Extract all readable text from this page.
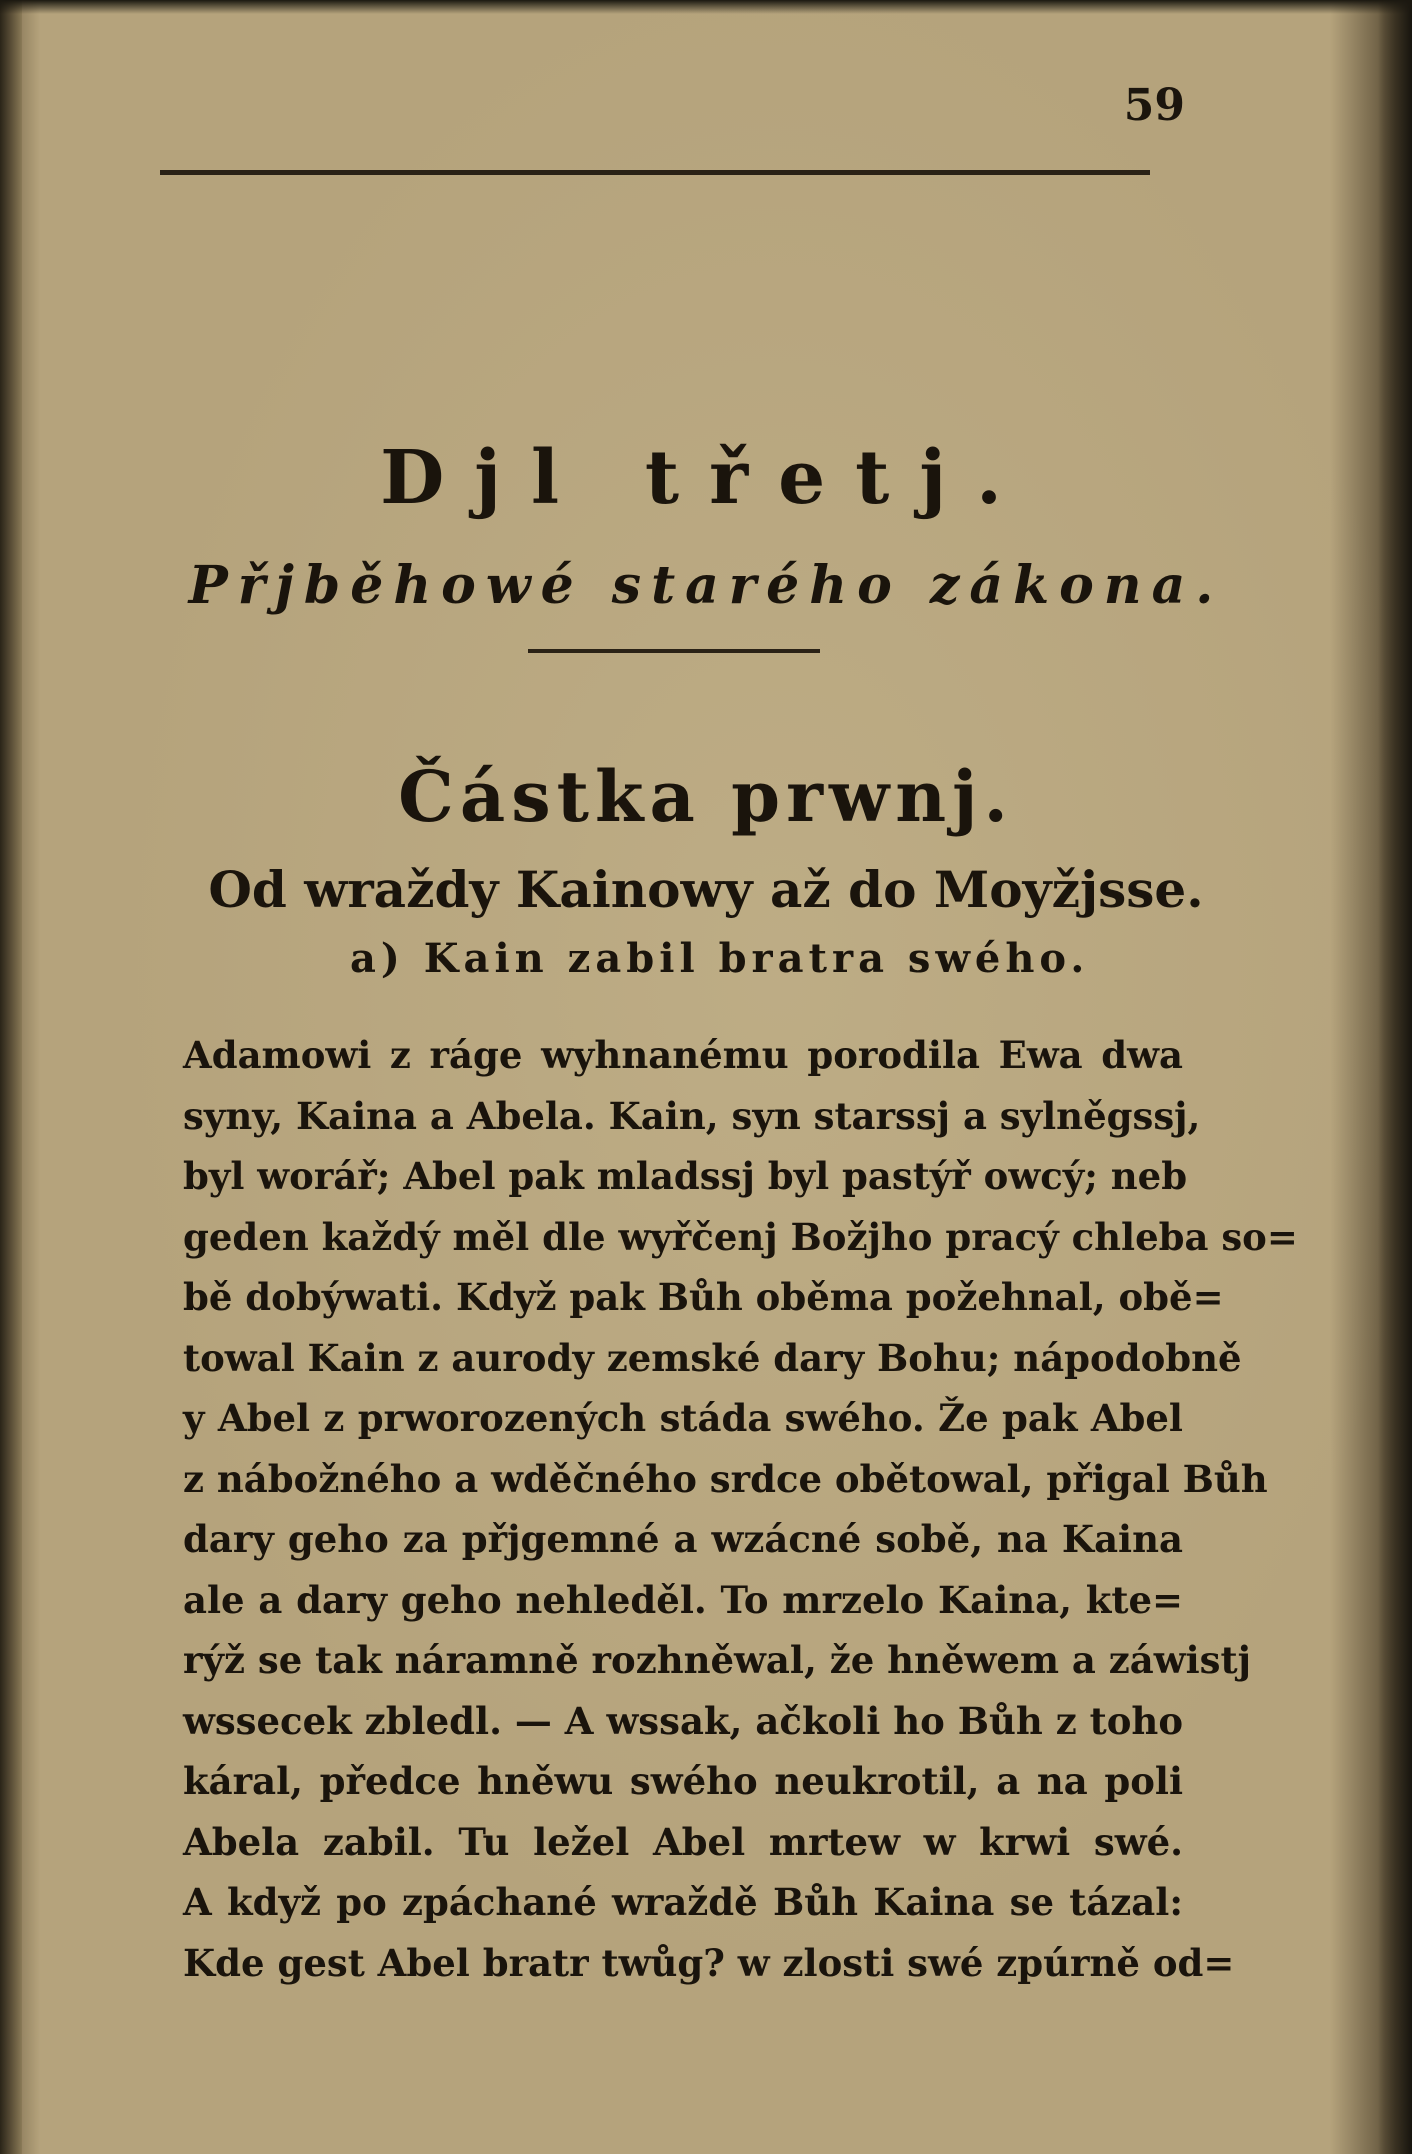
59
Djl třetj.
Přjběhowé starého zákona.
Částka prwnj.
Od wraždy Kainowy až do Moyžjsse.
a) Kain zabil bratra swého.
Adamowi z ráge wyhnanému porodila Ewa dwa
syny, Kaina a Abela. Kain, syn starssj a sylněgssj,
byl worář; Abel pak mladssj byl pastýř owcý; neb
geden každý měl dle wyřčenj Božjho pracý chleba so=
bě dobýwati. Když pak Bůh oběma požehnal, obě=
towal Kain z aurody zemské dary Bohu; nápodobně
y Abel z prworozených stáda swého. Že pak Abel
z nábožného a wděčného srdce obětowal, přigal Bůh
dary geho za přjgemné a wzácné sobě, na Kaina
ale a dary geho nehleděl. To mrzelo Kaina, kte=
rýž se tak náramně rozhněwal, že hněwem a záwistj
wssecek zbledl. — A wssak, ačkoli ho Bůh z toho
káral, předce hněwu swého neukrotil, a na poli
Abela zabil. Tu ležel Abel mrtew w krwi swé.
A když po zpáchané wraždě Bůh Kaina se tázal:
Kde gest Abel bratr twůg? w zlosti swé zpúrně od=
